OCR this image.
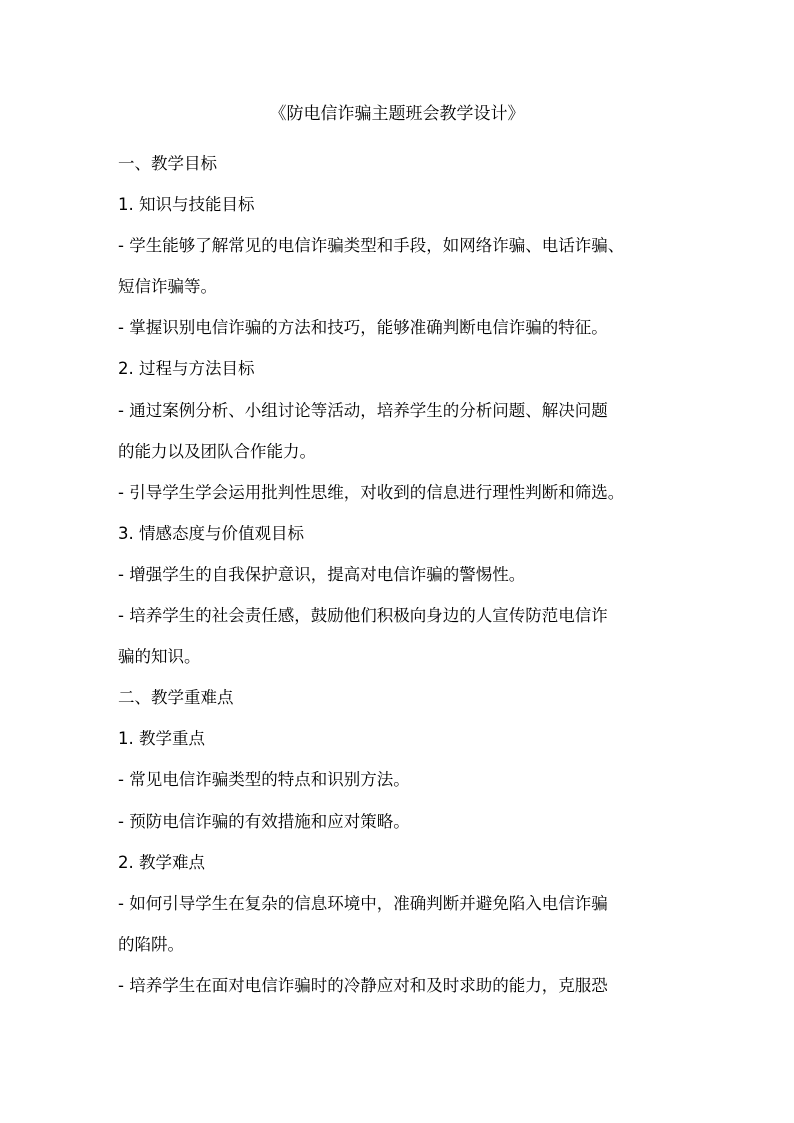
《防电信诈骗主题班会教学设计》
一、教学目标
1. 知识与技能目标
- 学生能够了解常见的电信诈骗类型和手段，如网络诈骗、电话诈骗、
短信诈骗等。
- 掌握识别电信诈骗的方法和技巧，能够准确判断电信诈骗的特征。
2. 过程与方法目标
- 通过案例分析、小组讨论等活动，培养学生的分析问题、解决问题
的能力以及团队合作能力。
- 引导学生学会运用批判性思维，对收到的信息进行理性判断和筛选。
3. 情感态度与价值观目标
- 增强学生的自我保护意识，提高对电信诈骗的警惕性。
- 培养学生的社会责任感，鼓励他们积极向身边的人宣传防范电信诈
骗的知识。
二、教学重难点
1. 教学重点
- 常见电信诈骗类型的特点和识别方法。
- 预防电信诈骗的有效措施和应对策略。
2. 教学难点
- 如何引导学生在复杂的信息环境中，准确判断并避免陷入电信诈骗
的陷阱。
- 培养学生在面对电信诈骗时的冷静应对和及时求助的能力，克服恐
